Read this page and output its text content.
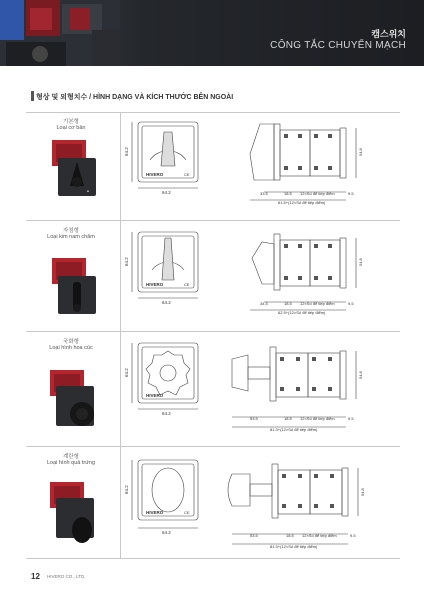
캠스위치
CÔNG TẮC CHUYỂN MẠCH
형상 및 외형치수 / HÌNH DẠNG VÀ KÍCH THƯỚC BÊN NGOÀI
기본형
Loại cơ bản
▲
HIVERO	CE
64.2
64.2
33.5	18.5 12×Số để tiếp điểm	9.5
61.5+(12×Số để tiếp điểm)
54.8
자침형
Loại kim nam châm
HIVERO	CE
64.2
64.2
34.5	18.5 12×Số để tiếp điểm	9.5
62.5+(12×Số để tiếp điểm)
54.8
국화형
Loại hình hoa cúc
HIVERO
64.2
64.2
53.5	18.5 12×Số để tiếp điểm	9.5
81.3+(12×Số để tiếp điểm)
54.8
계란형
Loại hình quả trứng
HIVERO	CE
64.2
64.2
53.5	18.5 12×Số để tiếp điểm	9.5
81.3+(12×Số để tiếp điểm)
54.8
12 HIVERO CO., LTD.
